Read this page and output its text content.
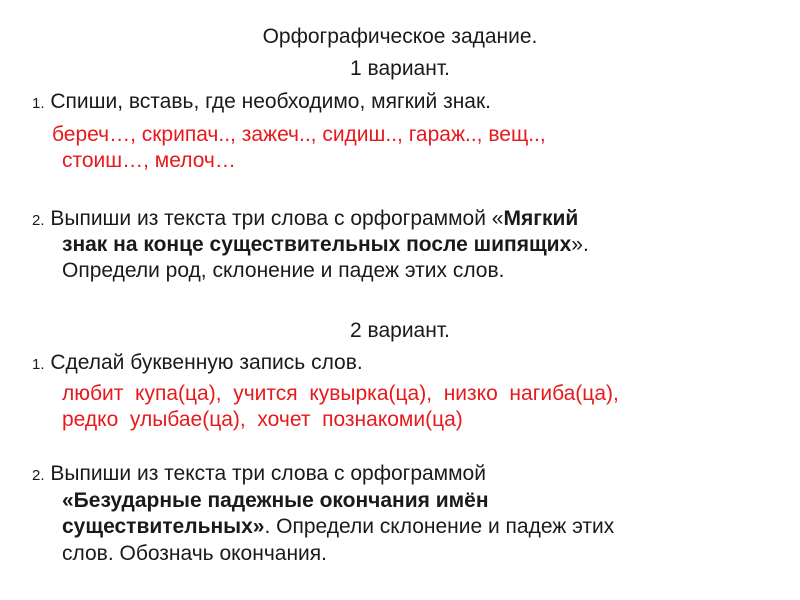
Орфографическое задание.
1 вариант.
1. Спиши, вставь, где необходимо, мягкий знак.
береч…, скрипач.., зажеч.., сидиш.., гараж.., вещ..,
стоиш…, мелоч…
2. Выпиши из текста три слова с орфограммой «Мягкий
знак на конце существительных после шипящих».
Определи род, склонение и падеж этих слов.
2 вариант.
1. Сделай буквенную запись слов.
любит  купа(ца),  учится  кувырка(ца),  низко  нагиба(ца),
редко  улыбае(ца),  хочет  познакоми(ца)
2. Выпиши из текста три слова с орфограммой
«Безударные падежные окончания имён
существительных». Определи склонение и падеж этих
слов. Обозначь окончания.
